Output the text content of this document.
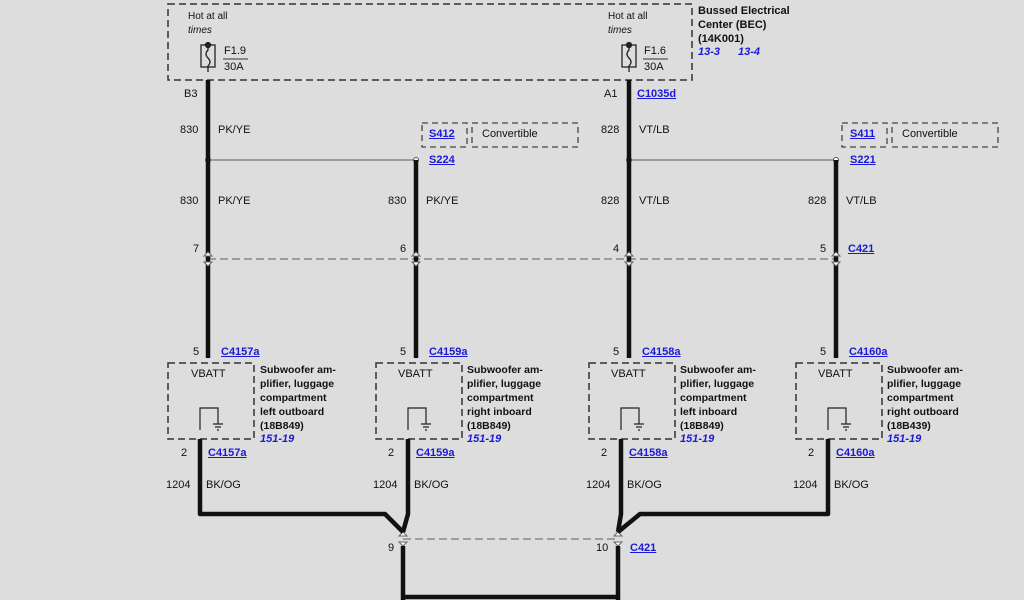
Hot at all
times
Hot at all
times
Bussed Electrical
Center (BEC)
(14K001)
13-3 13-4
F1.9
30A
F1.6
30A
B3	A1 C1035d
830 PK/YE	828 VT/LB
S412 Convertible
S224
S411 Convertible
S221
830 PK/YE	830 PK/YE	828 VT/LB	828 VT/LB
7	6	4	5 C421
5 C4157a
VBATT	Subwoofer am-
plifier, luggage
compartment
left outboard
(18B849)
151-19
2 C4157a
5 C4159a
VBATT	Subwoofer am-
plifier, luggage
compartment
right inboard
(18B849)
151-19
2 C4159a
5 C4158a
VBATT	Subwoofer am-
plifier, luggage
compartment
left inboard
(18B849)
151-19
2 C4158a
5 C4160a
VBATT	Subwoofer am-
plifier, luggage
compartment
right outboard
(18B439)
151-19
2 C4160a
1204 BK/OG	1204 BK/OG	1204 BK/OG	1204 BK/OG
9	10 C421
